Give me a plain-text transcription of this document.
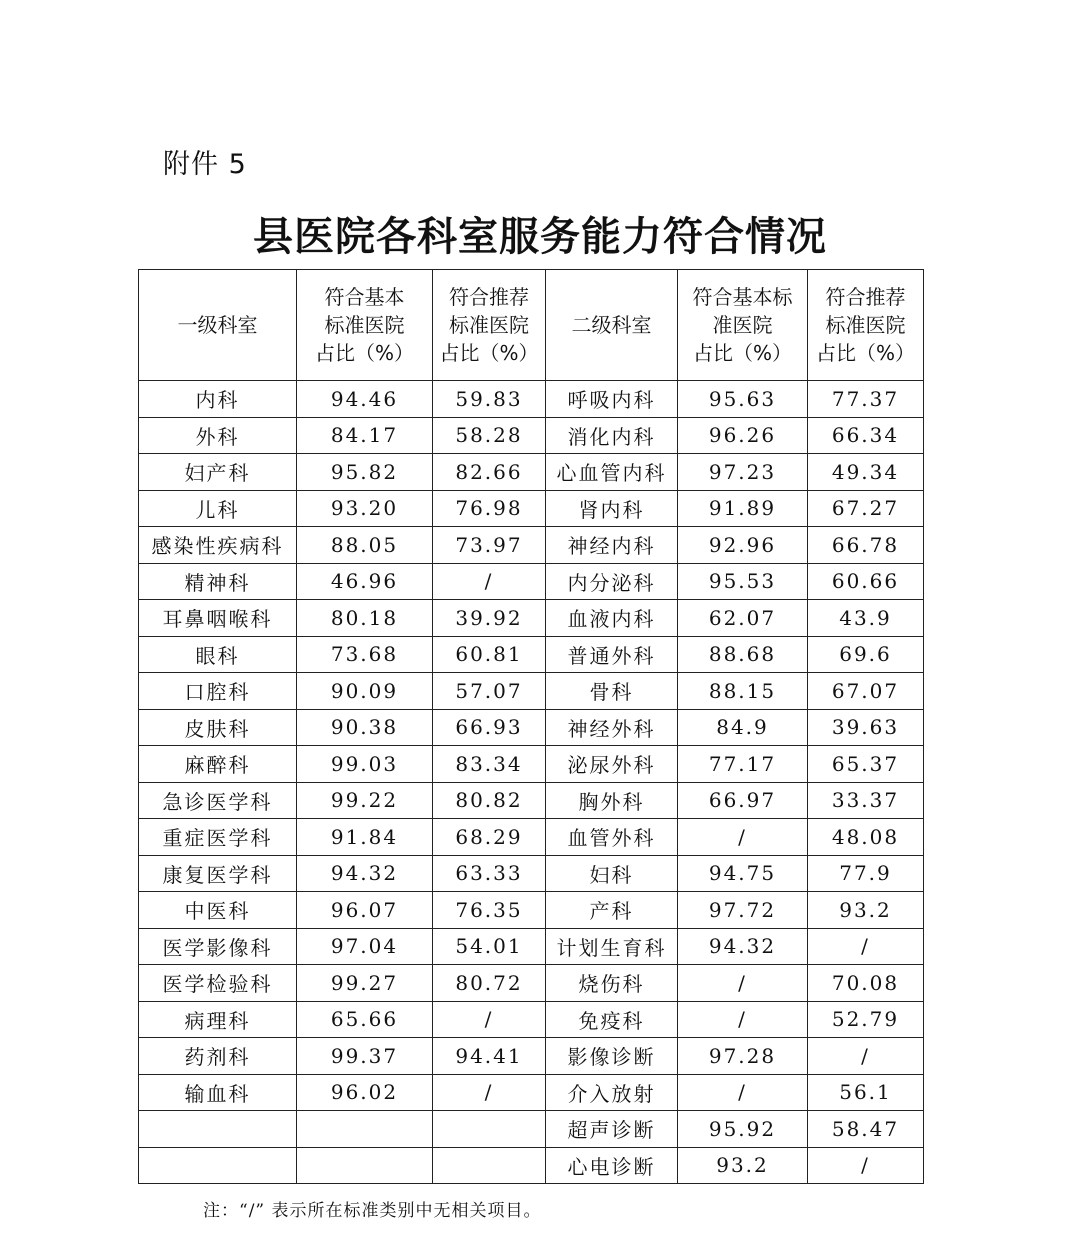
附件 5
县医院各科室服务能力符合情况
一级科室	符合基本
标准医院
占比（%）	符合推荐
标准医院
占比（%）	二级科室	符合基本标
准医院
占比（%）	符合推荐
标准医院
占比（%）
内科	94.46	59.83	呼吸内科	95.63	77.37
外科	84.17	58.28	消化内科	96.26	66.34
妇产科	95.82	82.66	心血管内科	97.23	49.34
儿科	93.20	76.98	肾内科	91.89	67.27
感染性疾病科	88.05	73.97	神经内科	92.96	66.78
精神科	46.96	/	内分泌科	95.53	60.66
耳鼻咽喉科	80.18	39.92	血液内科	62.07	43.9
眼科	73.68	60.81	普通外科	88.68	69.6
口腔科	90.09	57.07	骨科	88.15	67.07
皮肤科	90.38	66.93	神经外科	84.9	39.63
麻醉科	99.03	83.34	泌尿外科	77.17	65.37
急诊医学科	99.22	80.82	胸外科	66.97	33.37
重症医学科	91.84	68.29	血管外科	/	48.08
康复医学科	94.32	63.33	妇科	94.75	77.9
中医科	96.07	76.35	产科	97.72	93.2
医学影像科	97.04	54.01	计划生育科	94.32	/
医学检验科	99.27	80.72	烧伤科	/	70.08
病理科	65.66	/	免疫科	/	52.79
药剂科	99.37	94.41	影像诊断	97.28	/
输血科	96.02	/	介入放射	/	56.1
			超声诊断	95.92	58.47
			心电诊断	93.2	/
注：“/” 表示所在标准类别中无相关项目。
